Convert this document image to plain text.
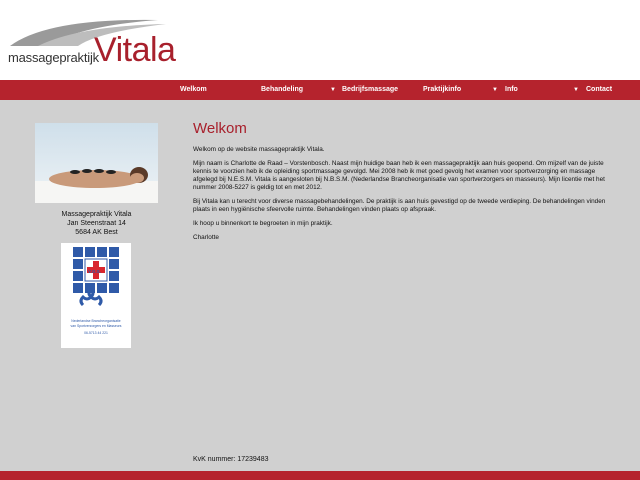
massagepraktijk
Vitala
Welkom	Behandeling	▼ Bedrijfsmassage	Praktijkinfo	▼ Info	▼ Contact
Massagepraktijk Vitala
Jan Steenstraat 14
5684 AK Best
V.O.S.
Nederlandse Brancheorganisatie
van Sportverzorgers en Masseurs
06-5713 44 221
Welkom

Welkom op de website massagepraktijk Vitala.

Mijn naam is Charlotte de Raad – Vorstenbosch. Naast mijn huidige baan heb ik een massagepraktijk aan huis geopend. Om mijzelf van de juiste kennis te voorzien heb ik de opleiding sportmassage gevolgd. Mei 2008 heb ik met goed gevolg het examen voor sportverzorging en massage afgelegd bij N.E.S.M. Vitala is aangesloten bij N.B.S.M. (Nederlandse Brancheorganisatie van sportverzorgers en masseurs). Mijn licentie met het nummer 2008-5227 is geldig tot en met 2012.

Bij Vitala kan u terecht voor diverse massagebehandelingen. De praktijk is aan huis gevestigd op de tweede verdieping. De behandelingen vinden plaats in een hygiënische sfeervolle ruimte. Behandelingen vinden plaats op afspraak.

Ik hoop u binnenkort te begroeten in mijn praktijk.

Charlotte

KvK nummer: 17239483
